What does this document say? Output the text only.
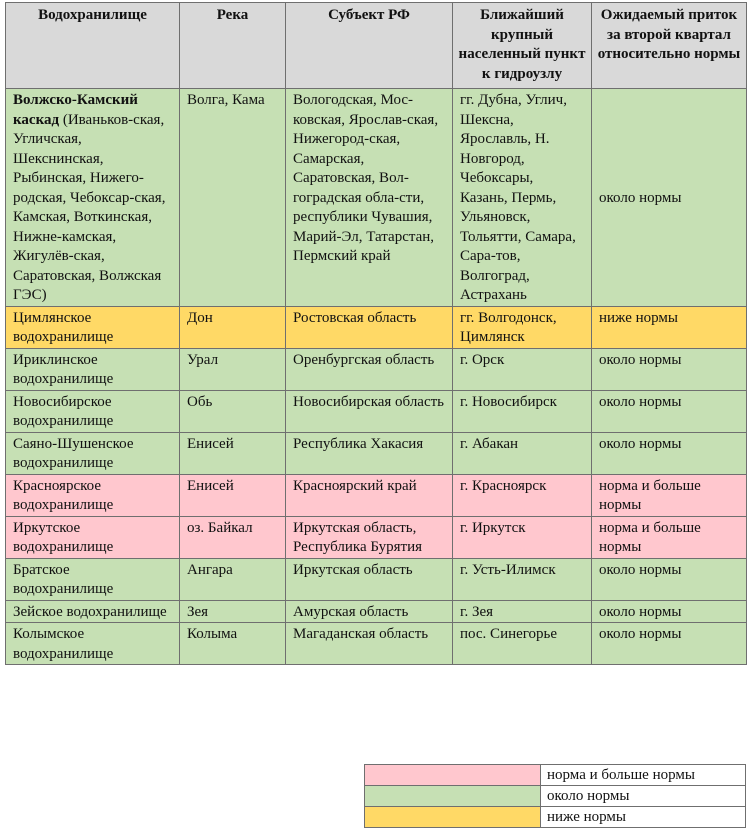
Водохранилище	Река	Субъект РФ	Ближайший крупный населенный пункт к гидроузлу	Ожидаемый приток за второй квартал относительно нормы
Волжско-Камский каскад (Иваньков-ская, Угличская, Шекснинская, Рыбинская, Нижего-родская, Чебоксар-ская, Камская, Воткинская, Нижне-камская, Жигулёв-ская, Саратовская, Волжская ГЭС)	Волга, Кама	Вологодская, Мос-ковская, Ярослав-ская, Нижегород-ская, Самарская, Саратовская, Вол-гоградская обла-сти, республики Чувашия, Марий-Эл, Татарстан, Пермский край	гг. Дубна, Углич, Шексна, Ярославль, Н. Новгород, Чебоксары, Казань, Пермь, Ульяновск, Тольятти, Самара, Сара-тов, Волгоград, Астрахань	около нормы
Цимлянское водохранилище	Дон	Ростовская область	гг. Волгодонск, Цимлянск	ниже нормы
Ириклинское водохранилище	Урал	Оренбургская область	г. Орск	около нормы
Новосибирское водохранилище	Обь	Новосибирская область	г. Новосибирск	около нормы
Саяно-Шушенское водохранилище	Енисей	Республика Хакасия	г. Абакан	около нормы
Красноярское водохранилище	Енисей	Красноярский край	г. Красноярск	норма и больше нормы
Иркутское водохранилище	оз. Байкал	Иркутская область, Республика Бурятия	г. Иркутск	норма и больше нормы
Братское водохранилище	Ангара	Иркутская область	г. Усть-Илимск	около нормы
Зейское водохранилище	Зея	Амурская область	г. Зея	около нормы
Колымское водохранилище	Колыма	Магаданская область	пос. Синегорье	около нормы
	норма и больше нормы
	около нормы
	ниже нормы
